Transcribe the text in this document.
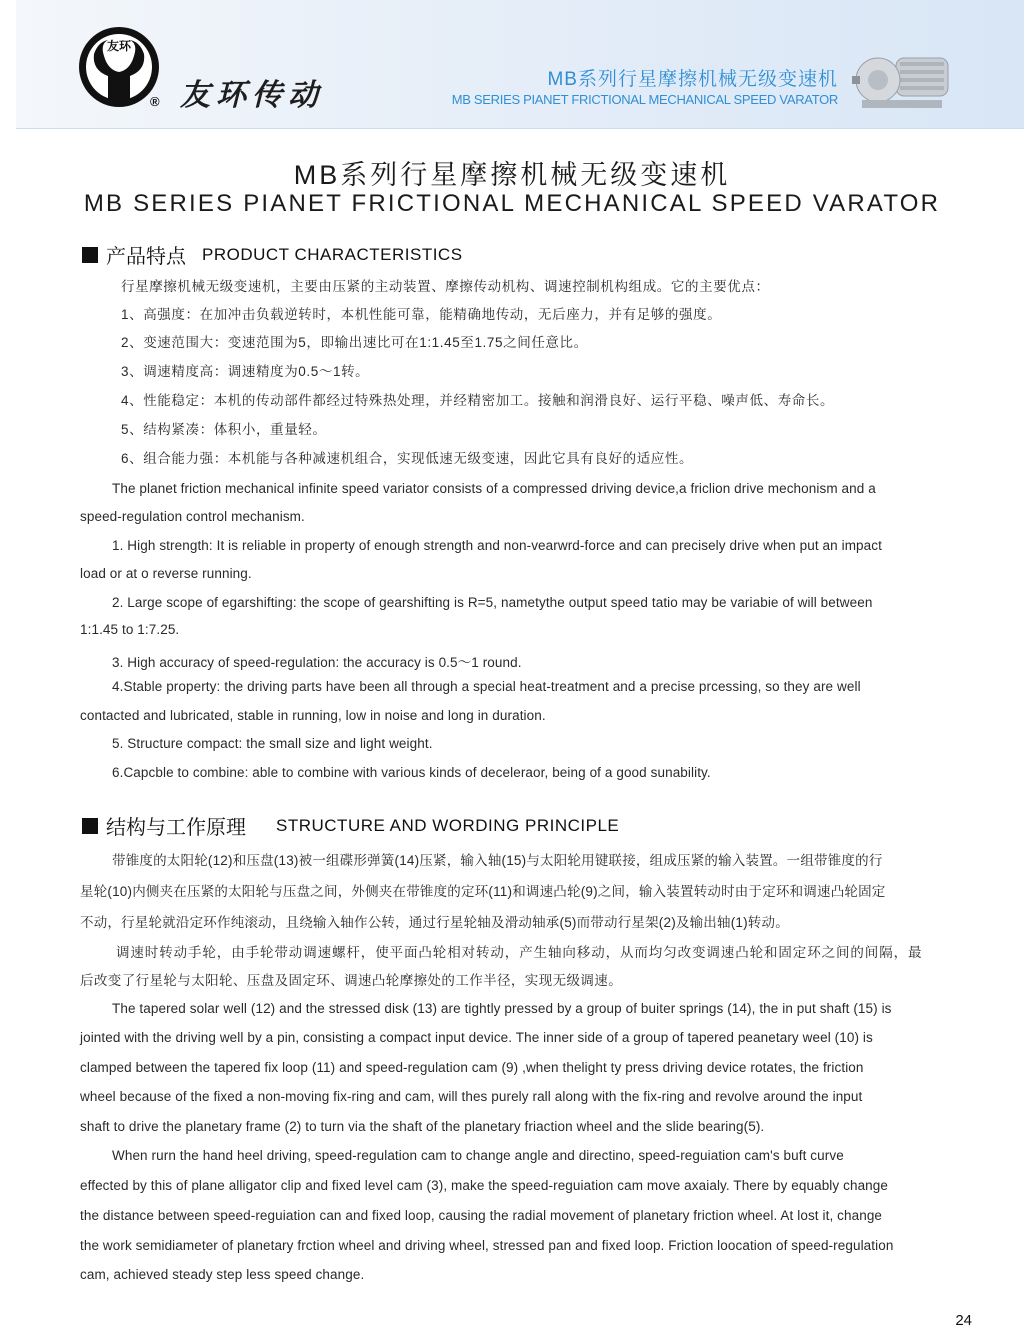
友环
® 友环传动	MB系列行星摩擦机械无级变速机
MB SERIES PIANET FRICTIONAL MECHANICAL SPEED VARATOR
MB系列行星摩擦机械无级变速机
MB SERIES PIANET FRICTIONAL MECHANICAL SPEED VARATOR
产品特点 PRODUCT CHARACTERISTICS
行星摩擦机械无级变速机，主要由压紧的主动装置、摩擦传动机构、调速控制机构组成。它的主要优点：
1、高强度：在加冲击负载逆转时，本机性能可靠，能精确地传动，无后座力，并有足够的强度。
2、变速范围大：变速范围为5，即输出速比可在1:1.45至1.75之间任意比。
3、调速精度高：调速精度为0.5～1转。
4、性能稳定：本机的传动部件都经过特殊热处理，并经精密加工。接触和润滑良好、运行平稳、噪声低、寿命长。
5、结构紧凑：体积小，重量轻。
6、组合能力强：本机能与各种减速机组合，实现低速无级变速，因此它具有良好的适应性。
The planet friction mechanical infinite speed variator consists of a compressed driving device,a friclion drive mechonism and a
speed-regulation control mechanism.
1. High strength: It is reliable in property of enough strength and non-vearwrd-force and can precisely drive when put an impact
load or at o reverse running.
2. Large scope of egarshifting: the scope of gearshifting is R=5, nametythe output speed tatio may be variabie of will between
1:1.45 to 1:7.25.
3. High accuracy of speed-regulation: the accuracy is 0.5～1 round.
4.Stable property: the driving parts have been all through a special heat-treatment and a precise prcessing, so they are well
contacted and lubricated, stable in running, low in noise and long in duration.
5. Structure compact: the small size and light weight.
6.Capcble to combine: able to combine with various kinds of deceleraor, being of a good sunability.
结构与工作原理 STRUCTURE AND WORDING PRINCIPLE
带锥度的太阳轮(12)和压盘(13)被一组碟形弹簧(14)压紧，输入轴(15)与太阳轮用键联接，组成压紧的输入装置。一组带锥度的行
星轮(10)内侧夹在压紧的太阳轮与压盘之间，外侧夹在带锥度的定环(11)和调速凸轮(9)之间，输入装置转动时由于定环和调速凸轮固定
不动，行星轮就沿定环作纯滚动，且绕输入轴作公转，通过行星轮轴及滑动轴承(5)而带动行星架(2)及输出轴(1)转动。
调速时转动手轮，由手轮带动调速螺杆，使平面凸轮相对转动，产生轴向移动，从而均匀改变调速凸轮和固定环之间的间隔，最
后改变了行星轮与太阳轮、压盘及固定环、调速凸轮摩擦处的工作半径，实现无级调速。
The tapered solar well (12) and the stressed disk (13) are tightly pressed by a group of buiter springs (14), the in put shaft (15) is
jointed with the driving well by a pin, consisting a compact input device. The inner side of a group of tapered peanetary weel (10) is
clamped between the tapered fix loop (11) and speed-regulation cam (9) ,when thelight ty press driving device rotates, the friction
wheel because of the fixed a non-moving fix-ring and cam, will thes purely rall along with the fix-ring and revolve around the input
shaft to drive the planetary frame (2) to turn via the shaft of the planetary friaction wheel and the slide bearing(5).
When rurn the hand heel driving, speed-regulation cam to change angle and directino, speed-reguiation cam's buft curve
effected by this of plane alligator clip and fixed level cam (3), make the speed-reguiation cam move axaialy. There by equably change
the distance between speed-reguiation can and fixed loop, causing the radial movement of planetary friction wheel. At lost it, change
the work semidiameter of planetary frction wheel and driving wheel, stressed pan and fixed loop. Friction loocation of speed-regulation
cam, achieved steady step less speed change.
24
